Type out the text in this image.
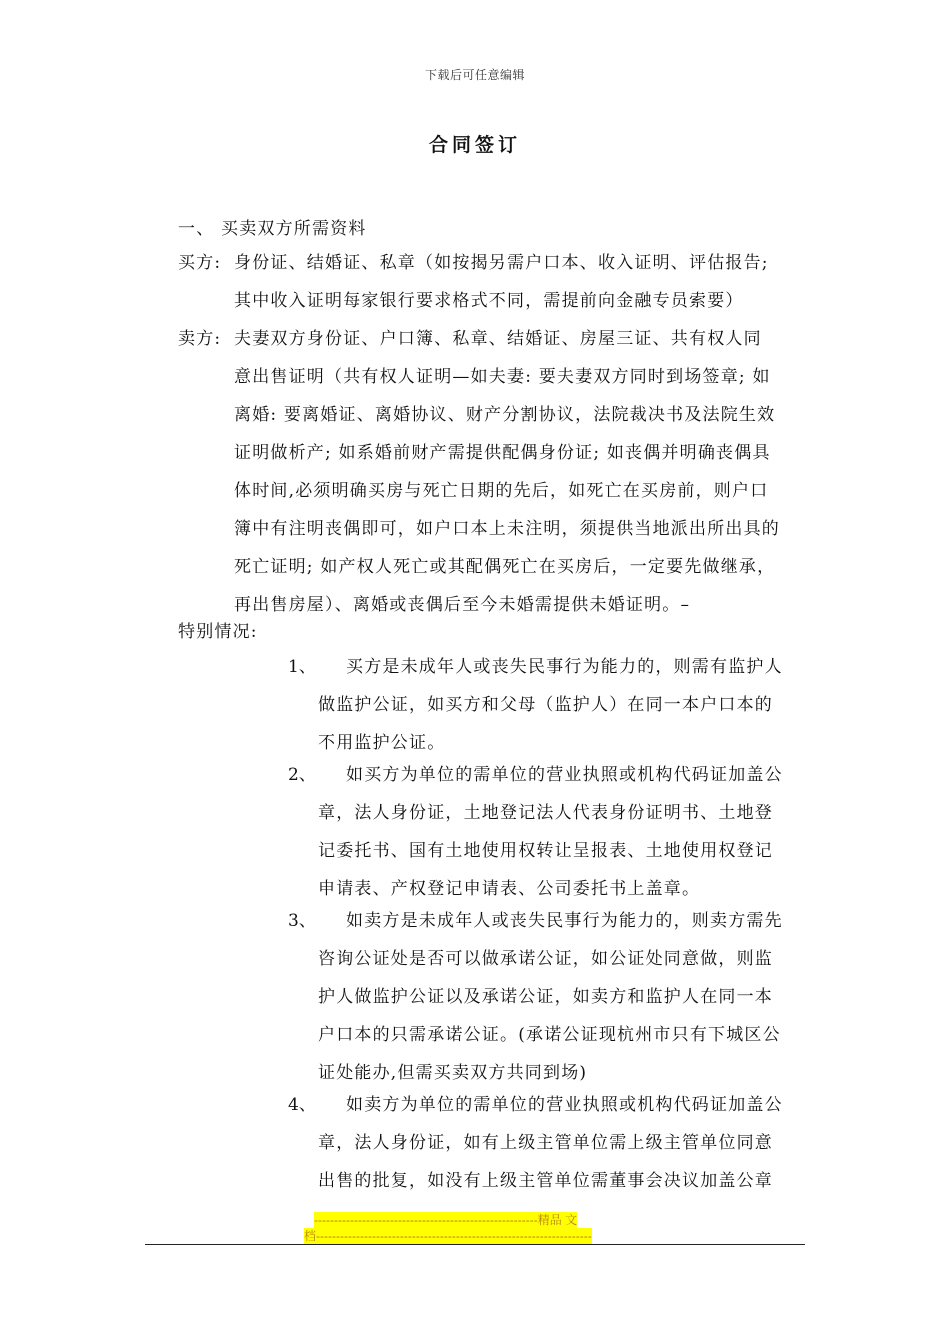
下载后可任意编辑
合同签订
一、 买卖双方所需资料
买方: 身份证、结婚证、私章（如按揭另需户口本、收入证明、评估报告;
其中收入证明每家银行要求格式不同，需提前向金融专员索要）
卖方: 夫妻双方身份证、户口簿、私章、结婚证、房屋三证、共有权人同
意出售证明（共有权人证明—如夫妻: 要夫妻双方同时到场签章; 如
离婚: 要离婚证、离婚协议、财产分割协议，法院裁决书及法院生效
证明做析产; 如系婚前财产需提供配偶身份证; 如丧偶并明确丧偶具
体时间,必须明确买房与死亡日期的先后，如死亡在买房前，则户口
簿中有注明丧偶即可，如户口本上未注明，须提供当地派出所出具的
死亡证明; 如产权人死亡或其配偶死亡在买房后，一定要先做继承，
再出售房屋）、离婚或丧偶后至今未婚需提供未婚证明。–
特别情况:
1、	买方是未成年人或丧失民事行为能力的，则需有监护人
做监护公证，如买方和父母（监护人）在同一本户口本的
不用监护公证。
2、	如买方为单位的需单位的营业执照或机构代码证加盖公
章，法人身份证，土地登记法人代表身份证明书、土地登
记委托书、国有土地使用权转让呈报表、土地使用权登记
申请表、产权登记申请表、公司委托书上盖章。
3、	如卖方是未成年人或丧失民事行为能力的，则卖方需先
咨询公证处是否可以做承诺公证，如公证处同意做，则监
护人做监护公证以及承诺公证，如卖方和监护人在同一本
户口本的只需承诺公证。(承诺公证现杭州市只有下城区公
证处能办,但需买卖双方共同到场)
4、	如卖方为单位的需单位的营业执照或机构代码证加盖公
章，法人身份证，如有上级主管单位需上级主管单位同意
出售的批复，如没有上级主管单位需董事会决议加盖公章
--------------------------------------------------------精品 文
档---------------------------------------------------------------------
